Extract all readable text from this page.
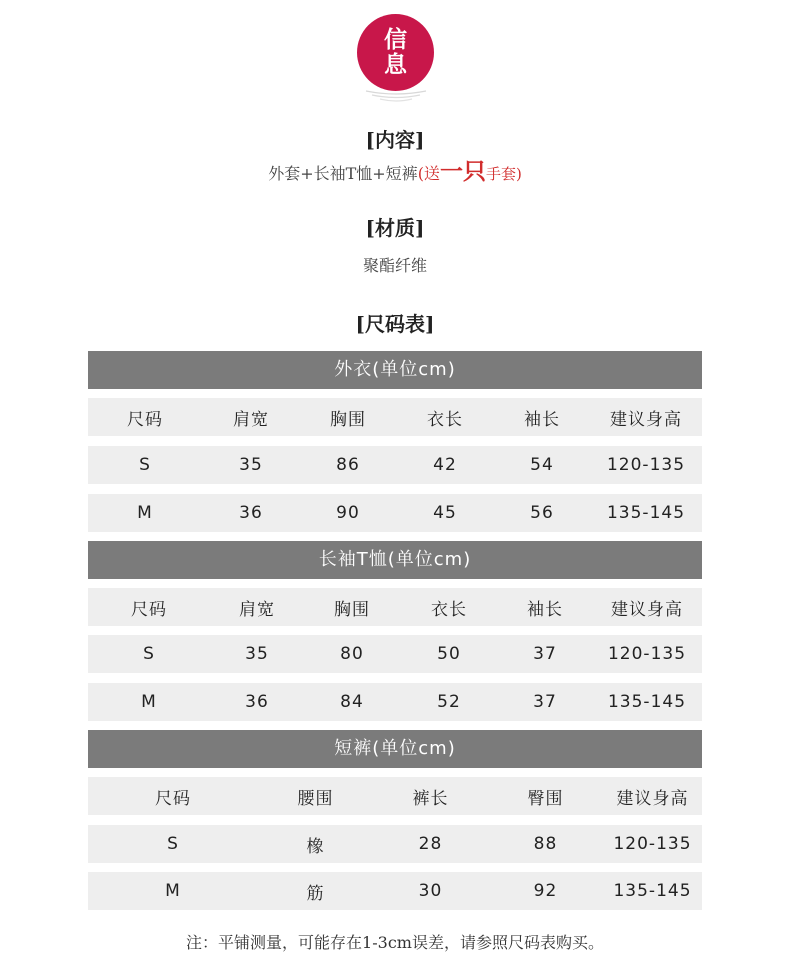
信
息
[内容]
外套+长袖T恤+短裤(送一只手套)
[材质]
聚酯纤维
[尺码表]
外衣(单位cm)
尺码	肩宽	胸围	衣长	袖长	建议身高
S	35	86	42	54	120-135
M	36	90	45	56	135-145
长袖T恤(单位cm)
尺码	肩宽	胸围	衣长	袖长	建议身高
S	35	80	50	37	120-135
M	36	84	52	37	135-145
短裤(单位cm)
尺码	腰围	裤长	臀围	建议身高
S	橡	28	88	120-135
M	筋	30	92	135-145
注：平铺测量，可能存在1-3cm误差，请参照尺码表购买。
